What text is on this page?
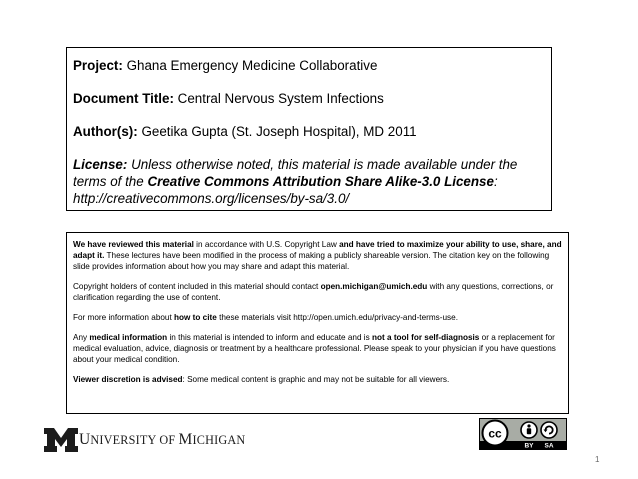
Project: Ghana Emergency Medicine Collaborative

Document Title: Central Nervous System Infections

Author(s): Geetika Gupta (St. Joseph Hospital), MD 2011

License: Unless otherwise noted, this material is made available under the terms of the Creative Commons Attribution Share Alike-3.0 License:
http://creativecommons.org/licenses/by-sa/3.0/

We have reviewed this material in accordance with U.S. Copyright Law and have tried to maximize your ability to use, share, and adapt it. These lectures have been modified in the process of making a publicly shareable version. The citation key on the following slide provides information about how you may share and adapt this material.

Copyright holders of content included in this material should contact open.michigan@umich.edu with any questions, corrections, or clarification regarding the use of content.

For more information about how to cite these materials visit http://open.umich.edu/privacy-and-terms-use.

Any medical information in this material is intended to inform and educate and is not a tool for self-diagnosis or a replacement for medical evaluation, advice, diagnosis or treatment by a healthcare professional. Please speak to your physician if you have questions about your medical condition.

Viewer discretion is advised: Some medical content is graphic and may not be suitable for all viewers.

UNIVERSITY OF MICHIGAN	cc
BY SA
1
